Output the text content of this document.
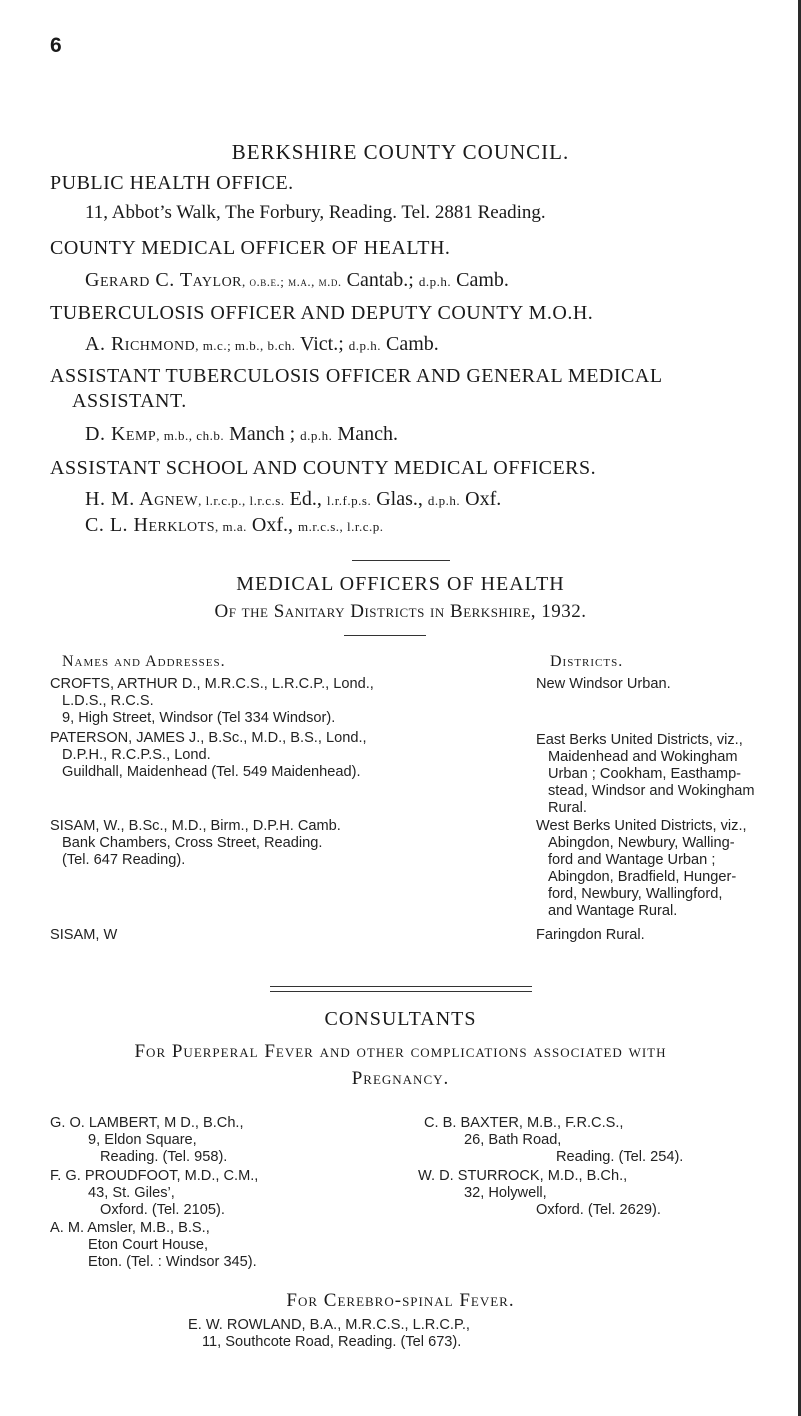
6
BERKSHIRE COUNTY COUNCIL.
PUBLIC HEALTH OFFICE.
11, Abbot’s Walk, The Forbury, Reading. Tel. 2881 Reading.
COUNTY MEDICAL OFFICER OF HEALTH.
Gerard C. Taylor, o.b.e.; m.a., m.d. Cantab.; d.p.h. Camb.
TUBERCULOSIS OFFICER AND DEPUTY COUNTY M.O.H.
A. Richmond, m.c.; m.b., b.ch. Vict.; d.p.h. Camb.
ASSISTANT TUBERCULOSIS OFFICER AND GENERAL MEDICAL
ASSISTANT.
D. Kemp, m.b., ch.b. Manch ; d.p.h. Manch.
ASSISTANT SCHOOL AND COUNTY MEDICAL OFFICERS.
H. M. Agnew, l.r.c.p., l.r.c.s. Ed., l.r.f.p.s. Glas., d.p.h. Oxf.
C. L. Herklots, m.a. Oxf., m.r.c.s., l.r.c.p.
MEDICAL OFFICERS OF HEALTH
Of the Sanitary Districts in Berkshire, 1932.
Names and Addresses.	Districts.
CROFTS, ARTHUR D., M.R.C.S., L.R.C.P., Lond.,
L.D.S., R.C.S.
9, High Street, Windsor (Tel 334 Windsor).
New Windsor Urban.
PATERSON, JAMES J., B.Sc., M.D., B.S., Lond.,
D.P.H., R.C.P.S., Lond.
Guildhall, Maidenhead (Tel. 549 Maidenhead).
East Berks United Districts, viz.,
Maidenhead and Wokingham
Urban ; Cookham, Easthamp-
stead, Windsor and Wokingham
Rural.
SISAM, W., B.Sc., M.D., Birm., D.P.H. Camb.
Bank Chambers, Cross Street, Reading.
(Tel. 647 Reading).
West Berks United Districts, viz.,
Abingdon, Newbury, Walling-
ford and Wantage Urban ;
Abingdon, Bradfield, Hunger-
ford, Newbury, Wallingford,
and Wantage Rural.
SISAM, W	Faringdon Rural.
CONSULTANTS
For Puerperal Fever and other complications associated with
Pregnancy.
G. O. LAMBERT, M D., B.Ch.,
9, Eldon Square,
Reading. (Tel. 958).
F. G. PROUDFOOT, M.D., C.M.,
43, St. Giles’,
Oxford. (Tel. 2105).
A. M. Amsler, M.B., B.S.,
Eton Court House,
Eton. (Tel. : Windsor 345).
C. B. BAXTER, M.B., F.R.C.S.,
26, Bath Road,
Reading. (Tel. 254).
W. D. STURROCK, M.D., B.Ch.,
32, Holywell,
Oxford. (Tel. 2629).
For Cerebro-spinal Fever.
E. W. ROWLAND, B.A., M.R.C.S., L.R.C.P.,
11, Southcote Road, Reading. (Tel 673).
